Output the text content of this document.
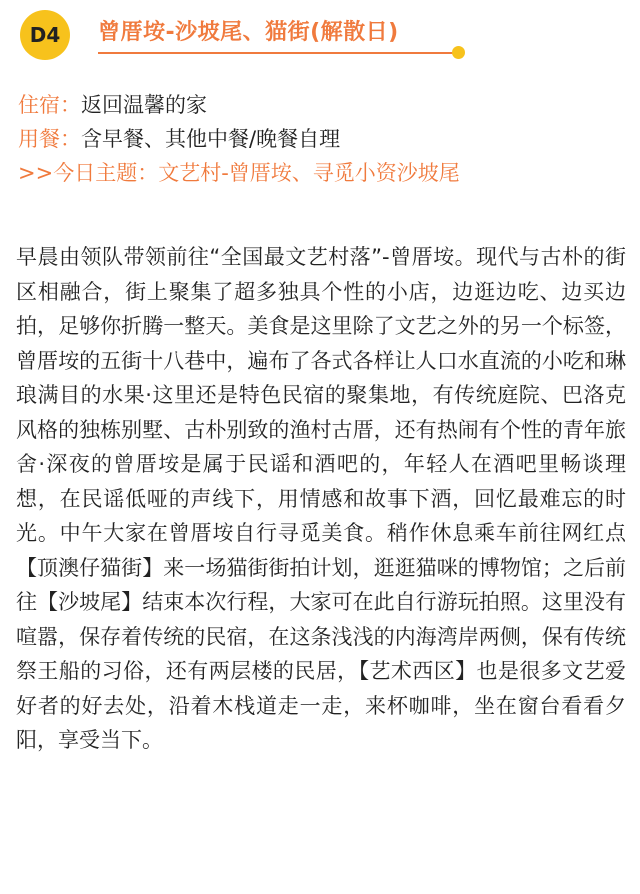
D4	曾厝垵-沙坡尾、猫街(解散日)
住宿：返回温馨的家
用餐：含早餐、其他中餐/晚餐自理
>>今日主题：文艺村-曾厝垵、寻觅小资沙坡尾
早晨由领队带领前往“全国最文艺村落”-曾厝垵。现代与古朴的街区相融合，街上聚集了超多独具个性的小店，边逛边吃、边买边拍，足够你折腾一整天。美食是这里除了文艺之外的另一个标签，曾厝垵的五街十八巷中，遍布了各式各样让人口水直流的小吃和琳琅满目的水果·这里还是特色民宿的聚集地，有传统庭院、巴洛克风格的独栋别墅、古朴别致的渔村古厝，还有热闹有个性的青年旅舍·深夜的曾厝垵是属于民谣和酒吧的，年轻人在酒吧里畅谈理想，在民谣低哑的声线下，用情感和故事下酒，回忆最难忘的时光。中午大家在曾厝垵自行寻觅美食。稍作休息乘车前往网红点【顶澳仔猫街】来一场猫街街拍计划，逛逛猫咪的博物馆；之后前往【沙坡尾】结束本次行程，大家可在此自行游玩拍照。这里没有喧嚣，保存着传统的民宿，在这条浅浅的内海湾岸两侧，保有传统祭王船的习俗，还有两层楼的民居，【艺术西区】也是很多文艺爱好者的好去处，沿着木栈道走一走，来杯咖啡，坐在窗台看看夕阳，享受当下。
